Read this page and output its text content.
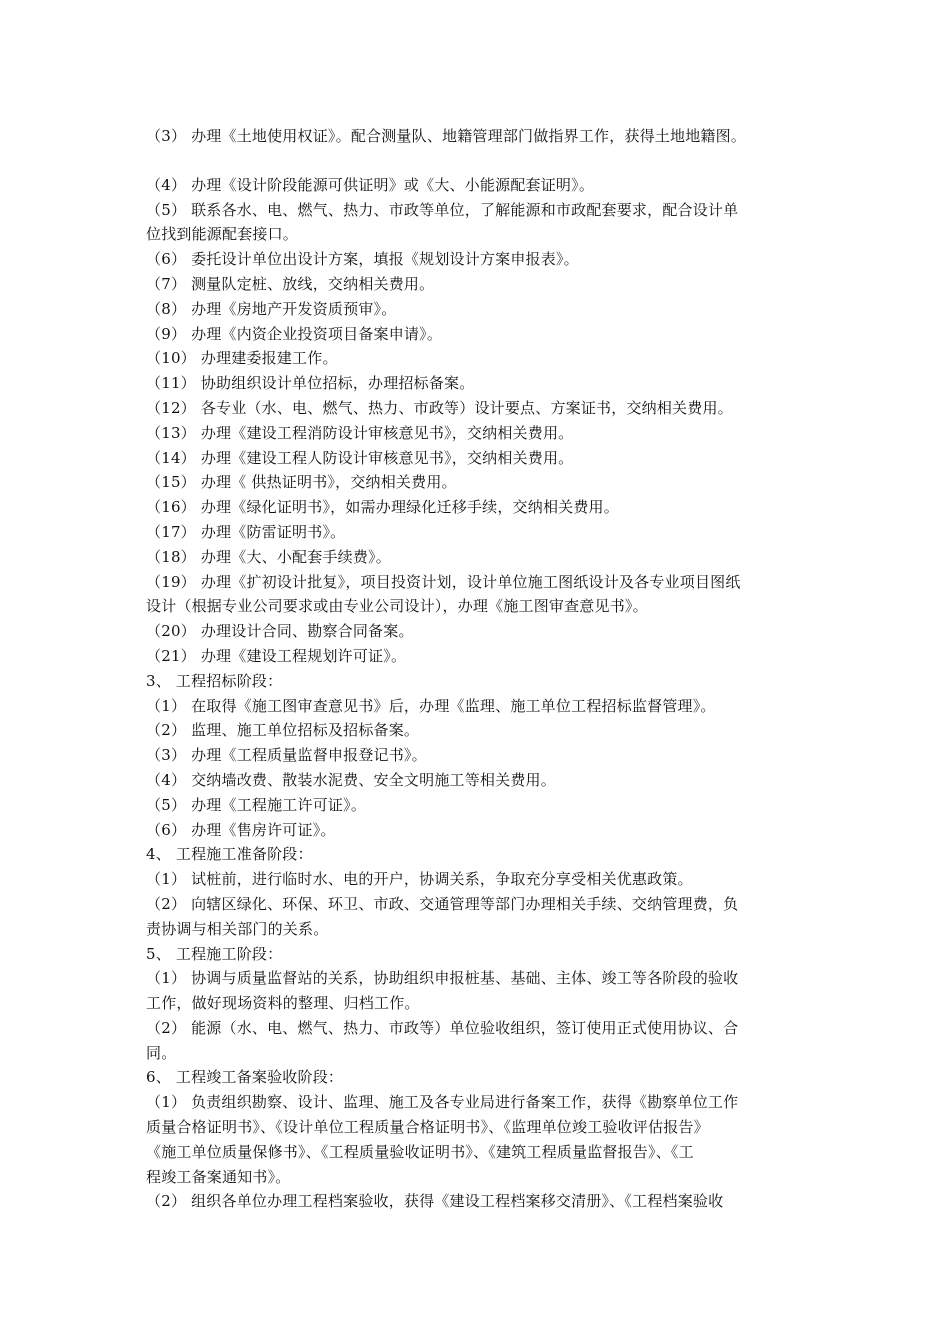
（3） 办理《土地使用权证》。配合测量队、地籍管理部门做指界工作，获得土地地籍图。
（4） 办理《设计阶段能源可供证明》或《大、小能源配套证明》。
（5） 联系各水、电、燃气、热力、市政等单位，了解能源和市政配套要求，配合设计单
位找到能源配套接口。
（6） 委托设计单位出设计方案，填报《规划设计方案申报表》。
（7） 测量队定桩、放线，交纳相关费用。
（8） 办理《房地产开发资质预审》。
（9） 办理《内资企业投资项目备案申请》。
（10） 办理建委报建工作。
（11） 协助组织设计单位招标，办理招标备案。
（12） 各专业（水、电、燃气、热力、市政等）设计要点、方案证书，交纳相关费用。
（13） 办理《建设工程消防设计审核意见书》，交纳相关费用。
（14） 办理《建设工程人防设计审核意见书》，交纳相关费用。
（15） 办理《 供热证明书》，交纳相关费用。
（16） 办理《绿化证明书》，如需办理绿化迁移手续，交纳相关费用。
（17） 办理《防雷证明书》。
（18） 办理《大、小配套手续费》。
（19） 办理《扩初设计批复》，项目投资计划，设计单位施工图纸设计及各专业项目图纸
设计（根据专业公司要求或由专业公司设计），办理《施工图审查意见书》。
（20） 办理设计合同、勘察合同备案。
（21） 办理《建设工程规划许可证》。
3、 工程招标阶段：
（1） 在取得《施工图审查意见书》后，办理《监理、施工单位工程招标监督管理》。
（2） 监理、施工单位招标及招标备案。
（3） 办理《工程质量监督申报登记书》。
（4） 交纳墙改费、散装水泥费、安全文明施工等相关费用。
（5） 办理《工程施工许可证》。
（6） 办理《售房许可证》。
4、 工程施工准备阶段：
（1） 试桩前，进行临时水、电的开户，协调关系，争取充分享受相关优惠政策。
（2） 向辖区绿化、环保、环卫、市政、交通管理等部门办理相关手续、交纳管理费，负
责协调与相关部门的关系。
5、 工程施工阶段：
（1） 协调与质量监督站的关系，协助组织申报桩基、基础、主体、竣工等各阶段的验收
工作，做好现场资料的整理、归档工作。
（2） 能源（水、电、燃气、热力、市政等）单位验收组织，签订使用正式使用协议、合
同。
6、 工程竣工备案验收阶段：
（1） 负责组织勘察、设计、监理、施工及各专业局进行备案工作，获得《勘察单位工作
质量合格证明书》、《设计单位工程质量合格证明书》、《监理单位竣工验收评估报告》
《施工单位质量保修书》、《工程质量验收证明书》、《建筑工程质量监督报告》、《工
程竣工备案通知书》。
（2） 组织各单位办理工程档案验收，获得《建设工程档案移交清册》、《工程档案验收
